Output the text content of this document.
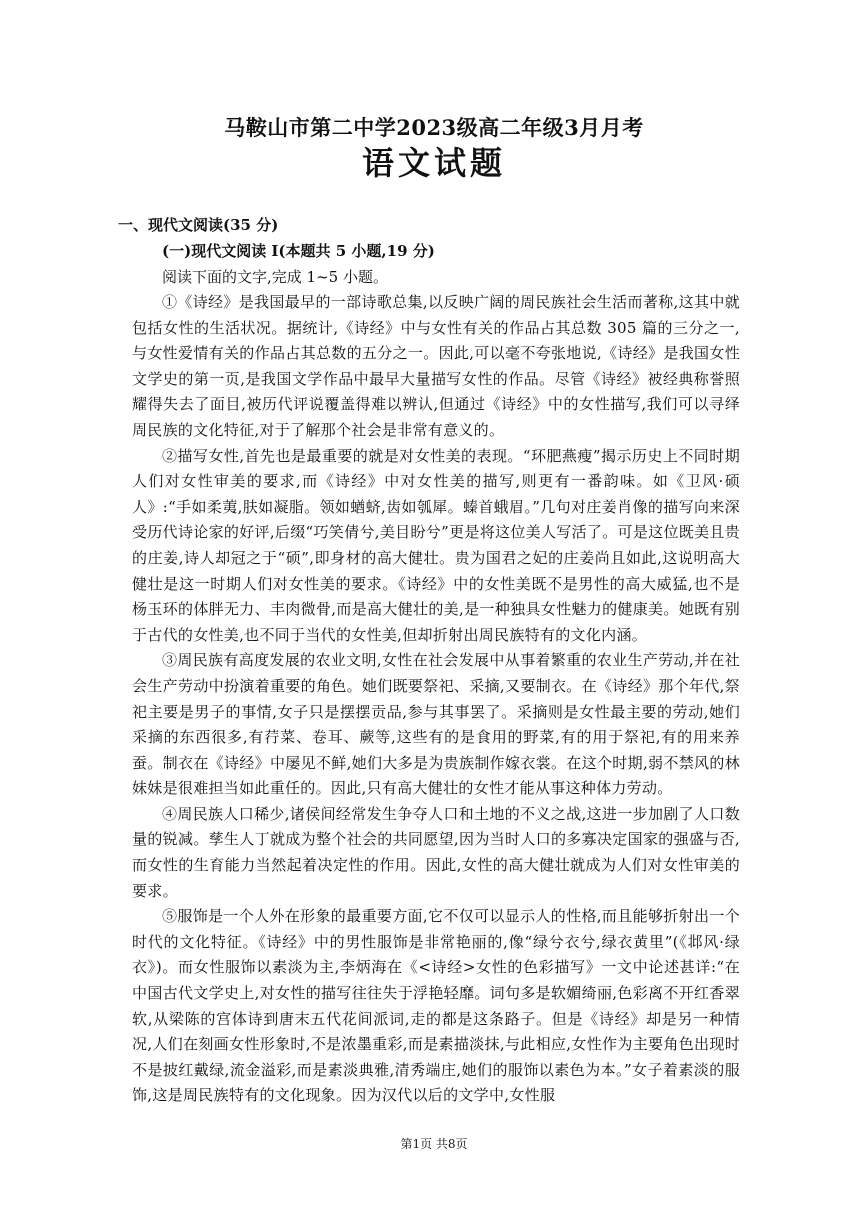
马鞍山市第二中学2023级高二年级3月月考
语文试题
一、现代文阅读(35 分)
(一)现代文阅读 I(本题共 5 小题,19 分)
阅读下面的文字,完成 1~5 小题。

①《诗经》是我国最早的一部诗歌总集,以反映广阔的周民族社会生活而著称,这其中就包括女性的生活状况。据统计,《诗经》中与女性有关的作品占其总数 305 篇的三分之一,与女性爱情有关的作品占其总数的五分之一。因此,可以毫不夸张地说,《诗经》是我国女性文学史的第一页,是我国文学作品中最早大量描写女性的作品。尽管《诗经》被经典称誉照耀得失去了面目,被历代评说覆盖得难以辨认,但通过《诗经》中的女性描写,我们可以寻绎周民族的文化特征,对于了解那个社会是非常有意义的。

②描写女性,首先也是最重要的就是对女性美的表现。“环肥燕瘦”揭示历史上不同时期人们对女性审美的要求,而《诗经》中对女性美的描写,则更有一番韵味。如《卫风·硕人》:“手如柔荑,肤如凝脂。领如蝤蛴,齿如瓠犀。螓首蛾眉。”几句对庄姜肖像的描写向来深受历代诗论家的好评,后缀“巧笑倩兮,美目盼兮”更是将这位美人写活了。可是这位既美且贵的庄姜,诗人却冠之于“硕”,即身材的高大健壮。贵为国君之妃的庄姜尚且如此,这说明高大健壮是这一时期人们对女性美的要求。《诗经》中的女性美既不是男性的高大威猛,也不是杨玉环的体胖无力、丰肉微骨,而是高大健壮的美,是一种独具女性魅力的健康美。她既有别于古代的女性美,也不同于当代的女性美,但却折射出周民族特有的文化内涵。

③周民族有高度发展的农业文明,女性在社会发展中从事着繁重的农业生产劳动,并在社会生产劳动中扮演着重要的角色。她们既要祭祀、采摘,又要制衣。在《诗经》那个年代,祭祀主要是男子的事情,女子只是摆摆贡品,参与其事罢了。采摘则是女性最主要的劳动,她们采摘的东西很多,有荇菜、卷耳、蕨等,这些有的是食用的野菜,有的用于祭祀,有的用来养蚕。制衣在《诗经》中屡见不鲜,她们大多是为贵族制作嫁衣裳。在这个时期,弱不禁风的林妹妹是很难担当如此重任的。因此,只有高大健壮的女性才能从事这种体力劳动。

④周民族人口稀少,诸侯间经常发生争夺人口和土地的不义之战,这进一步加剧了人口数量的锐减。孳生人丁就成为整个社会的共同愿望,因为当时人口的多寡决定国家的强盛与否,而女性的生育能力当然起着决定性的作用。因此,女性的高大健壮就成为人们对女性审美的要求。

⑤服饰是一个人外在形象的最重要方面,它不仅可以显示人的性格,而且能够折射出一个时代的文化特征。《诗经》中的男性服饰是非常艳丽的,像“绿兮衣兮,绿衣黄里”(《邶风·绿衣》)。而女性服饰以素淡为主,李炳海在《<诗经>女性的色彩描写》一文中论述甚详:“在中国古代文学史上,对女性的描写往往失于浮艳轻靡。词句多是软媚绮丽,色彩离不开红香翠软,从梁陈的宫体诗到唐末五代花间派词,走的都是这条路子。但是《诗经》却是另一种情况,人们在刻画女性形象时,不是浓墨重彩,而是素描淡抹,与此相应,女性作为主要角色出现时不是披红戴绿,流金溢彩,而是素淡典雅,清秀端庄,她们的服饰以素色为本。”女子着素淡的服饰,这是周民族特有的文化现象。因为汉代以后的文学中,女性服

第1页 共8页
